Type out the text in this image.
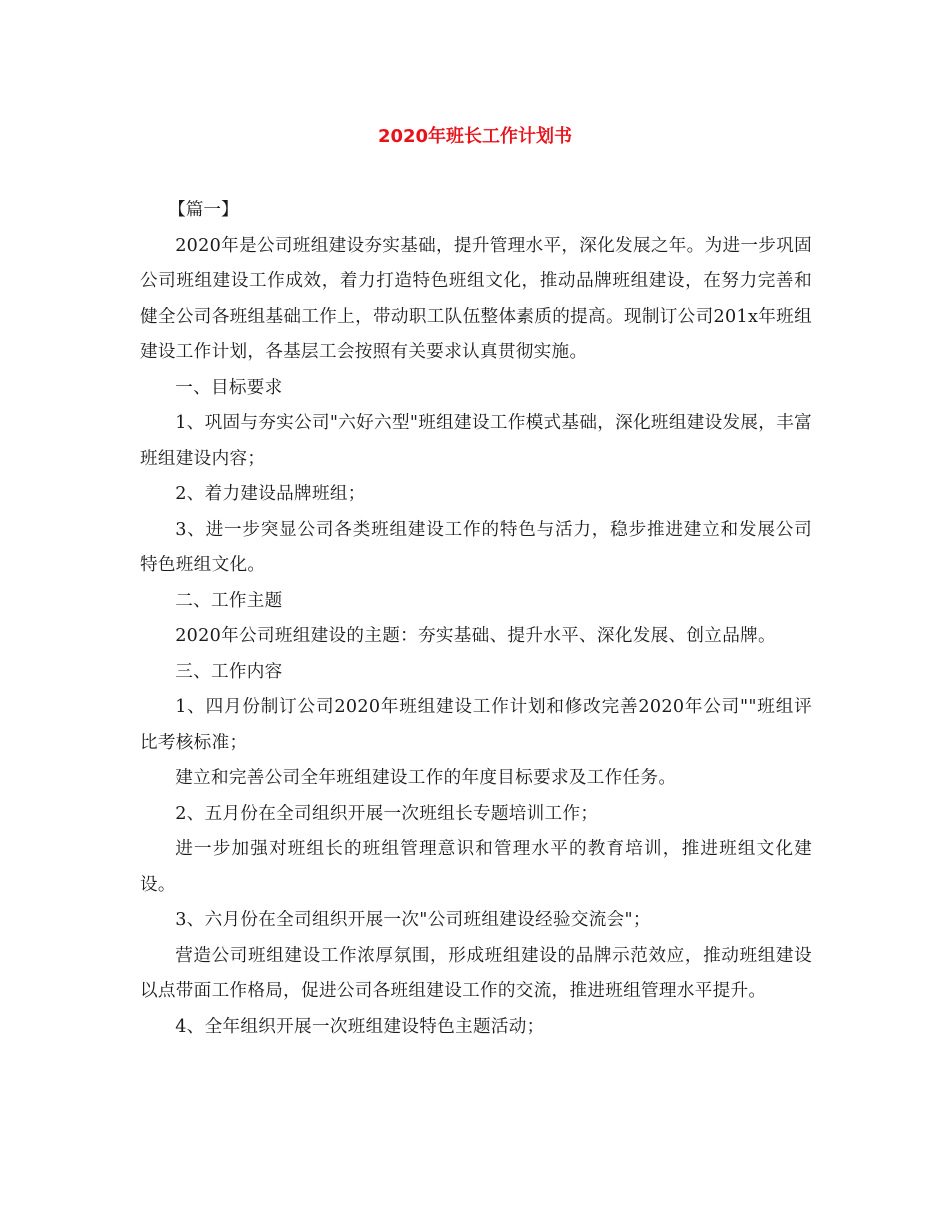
2020年班长工作计划书

【篇一】

2020年是公司班组建设夯实基础，提升管理水平，深化发展之年。为进一步巩固公司班组建设工作成效，着力打造特色班组文化，推动品牌班组建设，在努力完善和健全公司各班组基础工作上，带动职工队伍整体素质的提高。现制订公司201x年班组建设工作计划，各基层工会按照有关要求认真贯彻实施。

一、目标要求

1、巩固与夯实公司"六好六型"班组建设工作模式基础，深化班组建设发展，丰富班组建设内容；

2、着力建设品牌班组；

3、进一步突显公司各类班组建设工作的特色与活力，稳步推进建立和发展公司特色班组文化。

二、工作主题

2020年公司班组建设的主题：夯实基础、提升水平、深化发展、创立品牌。

三、工作内容

1、四月份制订公司2020年班组建设工作计划和修改完善2020年公司""班组评比考核标准；

建立和完善公司全年班组建设工作的年度目标要求及工作任务。

2、五月份在全司组织开展一次班组长专题培训工作；

进一步加强对班组长的班组管理意识和管理水平的教育培训，推进班组文化建设。

3、六月份在全司组织开展一次"公司班组建设经验交流会"；

营造公司班组建设工作浓厚氛围，形成班组建设的品牌示范效应，推动班组建设以点带面工作格局，促进公司各班组建设工作的交流，推进班组管理水平提升。

4、全年组织开展一次班组建设特色主题活动；
